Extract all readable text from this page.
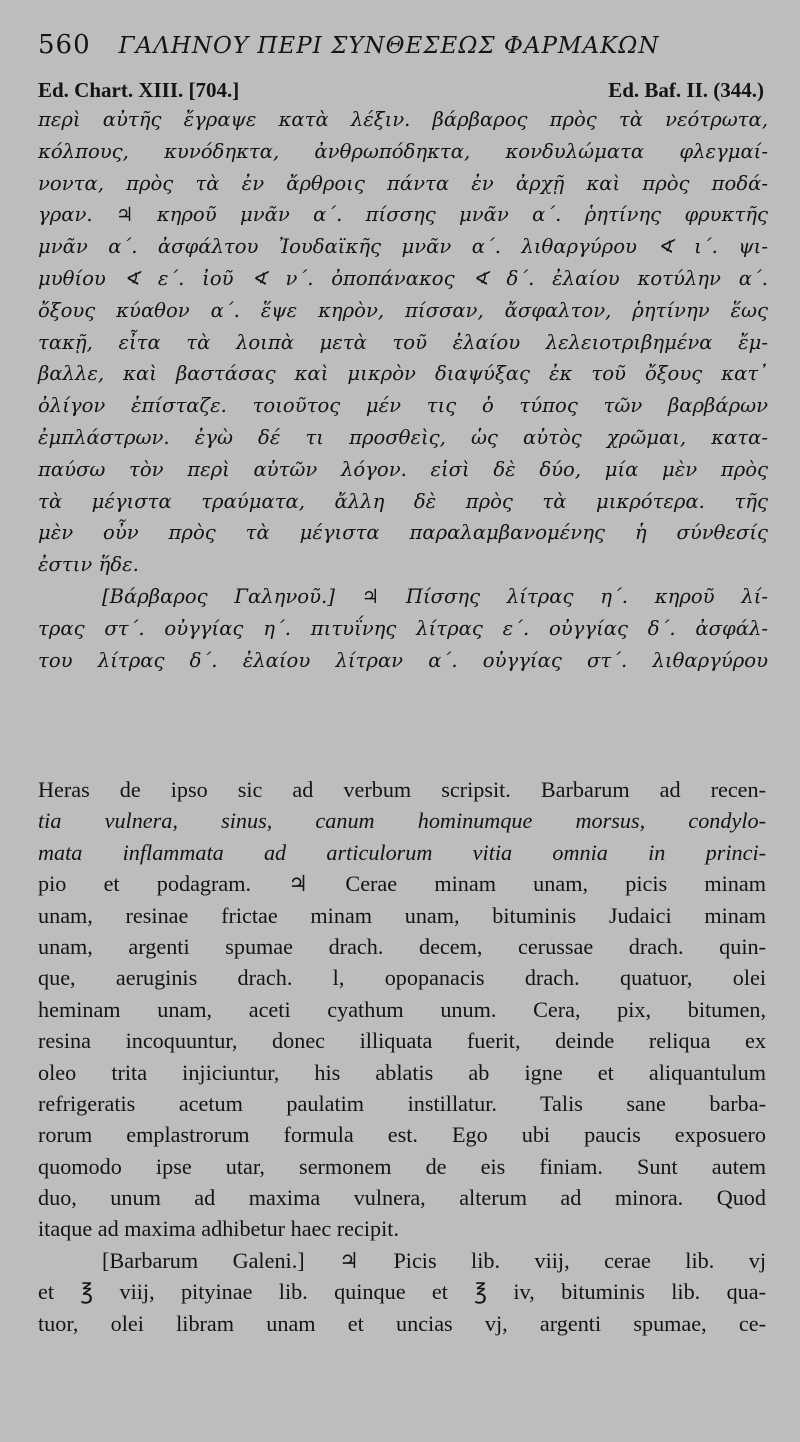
560 ΓΑΛΗΝΟΥ ΠΕΡΙ ΣΥΝΘΕΣΕΩΣ ΦΑΡΜΑΚΩΝ
Ed. Chart. XIII. [704.]	Ed. Baf. II. (344.)
περὶ αὐτῆς ἔγραψε κατὰ λέξιν. βάρβαρος πρὸς τὰ νεότρωτα,
κόλπους, κυνόδηκτα, ἀνθρωπόδηκτα, κονδυλώματα φλεγμαί-
νοντα, πρὸς τὰ ἐν ἄρθροις πάντα ἐν ἀρχῇ καὶ πρὸς ποδά-
γραν. ♃ κηροῦ μνᾶν α΄. πίσσης μνᾶν α΄. ῥητίνης φρυκτῆς
μνᾶν α΄. ἀσφάλτου Ἰουδαϊκῆς μνᾶν α΄. λιθαργύρου ∢ ι΄. ψι-
μυθίου ∢ ε΄. ἰοῦ ∢ ν΄. ὀποπάνακος ∢ δ΄. ἐλαίου κοτύλην α΄.
ὄξους κύαθον α΄. ἕψε κηρὸν, πίσσαν, ἄσφαλτον, ῥητίνην ἕως
τακῇ, εἶτα τὰ λοιπὰ μετὰ τοῦ ἐλαίου λελειοτριβημένα ἔμ-
βαλλε, καὶ βαστάσας καὶ μικρὸν διαψύξας ἐκ τοῦ ὄξους κατ᾽
ὀλίγον ἐπίσταζε. τοιοῦτος μέν τις ὁ τύπος τῶν βαρβάρων
ἐμπλάστρων. ἐγὼ δέ τι προσθεὶς, ὡς αὐτὸς χρῶμαι, κατα-
παύσω τὸν περὶ αὐτῶν λόγον. εἰσὶ δὲ δύο, μία μὲν πρὸς
τὰ μέγιστα τραύματα, ἄλλη δὲ πρὸς τὰ μικρότερα. τῆς
μὲν οὖν πρὸς τὰ μέγιστα παραλαμβανομένης ἡ σύνθεσίς
ἐστιν ἥδε.
[Βάρβαρος Γαληνοῦ.] ♃ Πίσσης λίτρας η΄. κηροῦ λί-
τρας στ΄. οὐγγίας η΄. πιτυΐνης λίτρας ε΄. οὐγγίας δ΄. ἀσφάλ-
του λίτρας δ΄. ἐλαίου λίτραν α΄. οὐγγίας στ΄. λιθαργύρου
Heras de ipso sic ad verbum scripsit. Barbarum ad recen-
tia vulnera, sinus, canum hominumque morsus, condylo-
mata inflammata ad articulorum vitia omnia in princi-
pio et podagram. ♃ Cerae minam unam, picis minam
unam, resinae frictae minam unam, bituminis Judaici minam
unam, argenti spumae drach. decem, cerussae drach. quin-
que, aeruginis drach. l, opopanacis drach. quatuor, olei
heminam unam, aceti cyathum unum. Cera, pix, bitumen,
resina incoquuntur, donec illiquata fuerit, deinde reliqua ex
oleo trita injiciuntur, his ablatis ab igne et aliquantulum
refrigeratis acetum paulatim instillatur. Talis sane barba-
rorum emplastrorum formula est. Ego ubi paucis exposuero
quomodo ipse utar, sermonem de eis finiam. Sunt autem
duo, unum ad maxima vulnera, alterum ad minora. Quod
itaque ad maxima adhibetur haec recipit.
[Barbarum Galeni.] ♃ Picis lib. viij, cerae lib. vj
et ℥ viij, pityinae lib. quinque et ℥ iv, bituminis lib. qua-
tuor, olei libram unam et uncias vj, argenti spumae, ce-
